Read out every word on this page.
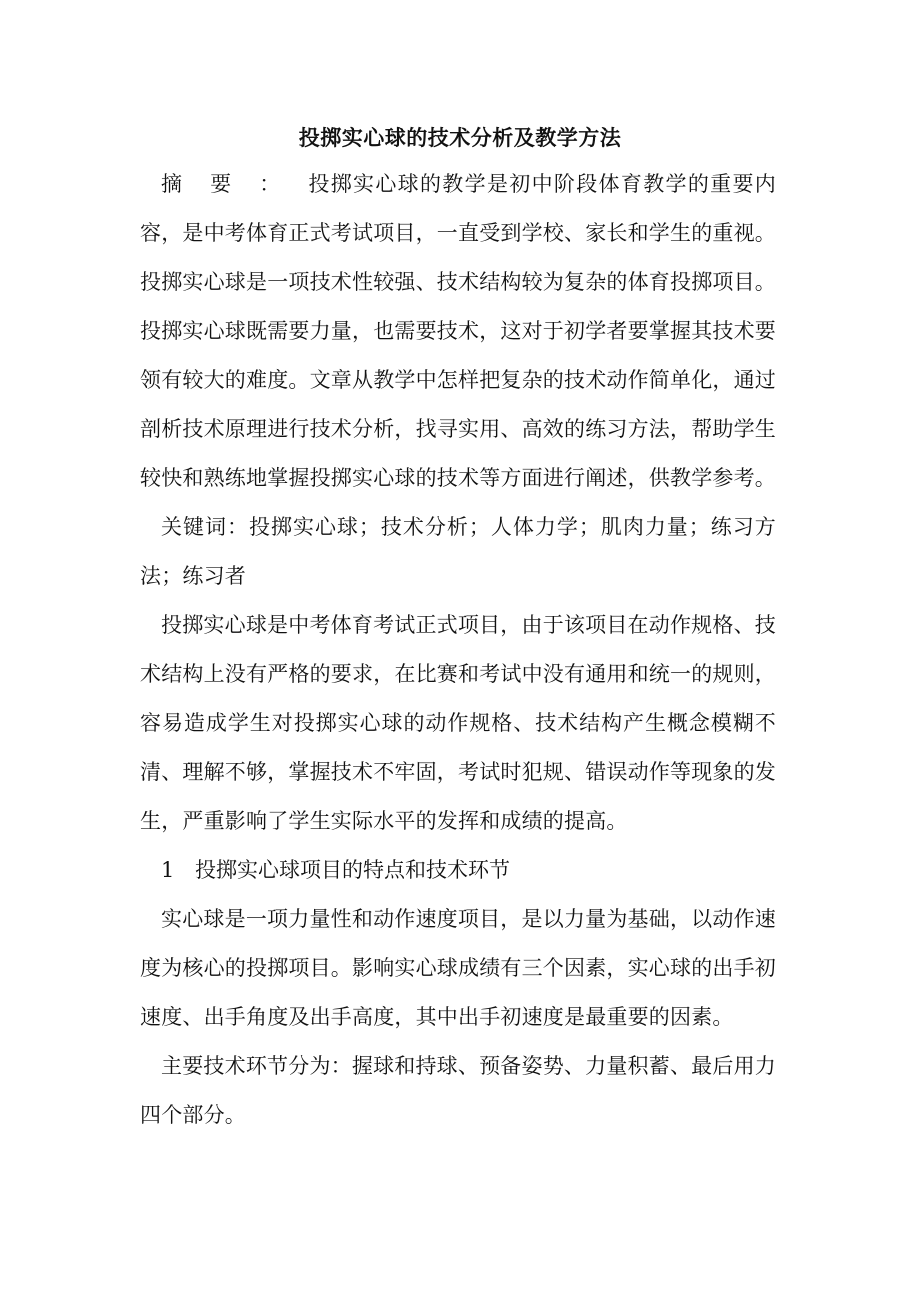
投掷实心球的技术分析及教学方法

摘要：投掷实心球的教学是初中阶段体育教学的重要内容，是中考体育正式考试项目，一直受到学校、家长和学生的重视。投掷实心球是一项技术性较强、技术结构较为复杂的体育投掷项目。投掷实心球既需要力量，也需要技术，这对于初学者要掌握其技术要领有较大的难度。文章从教学中怎样把复杂的技术动作简单化，通过剖析技术原理进行技术分析，找寻实用、高效的练习方法，帮助学生较快和熟练地掌握投掷实心球的技术等方面进行阐述，供教学参考。

关键词：投掷实心球；技术分析；人体力学；肌肉力量；练习方法；练习者

投掷实心球是中考体育考试正式项目，由于该项目在动作规格、技术结构上没有严格的要求，在比赛和考试中没有通用和统一的规则，容易造成学生对投掷实心球的动作规格、技术结构产生概念模糊不清、理解不够，掌握技术不牢固，考试时犯规、错误动作等现象的发生，严重影响了学生实际水平的发挥和成绩的提高。

1 投掷实心球项目的特点和技术环节

实心球是一项力量性和动作速度项目，是以力量为基础，以动作速度为核心的投掷项目。影响实心球成绩有三个因素，实心球的出手初速度、出手角度及出手高度，其中出手初速度是最重要的因素。

主要技术环节分为：握球和持球、预备姿势、力量积蓄、最后用力四个部分。
